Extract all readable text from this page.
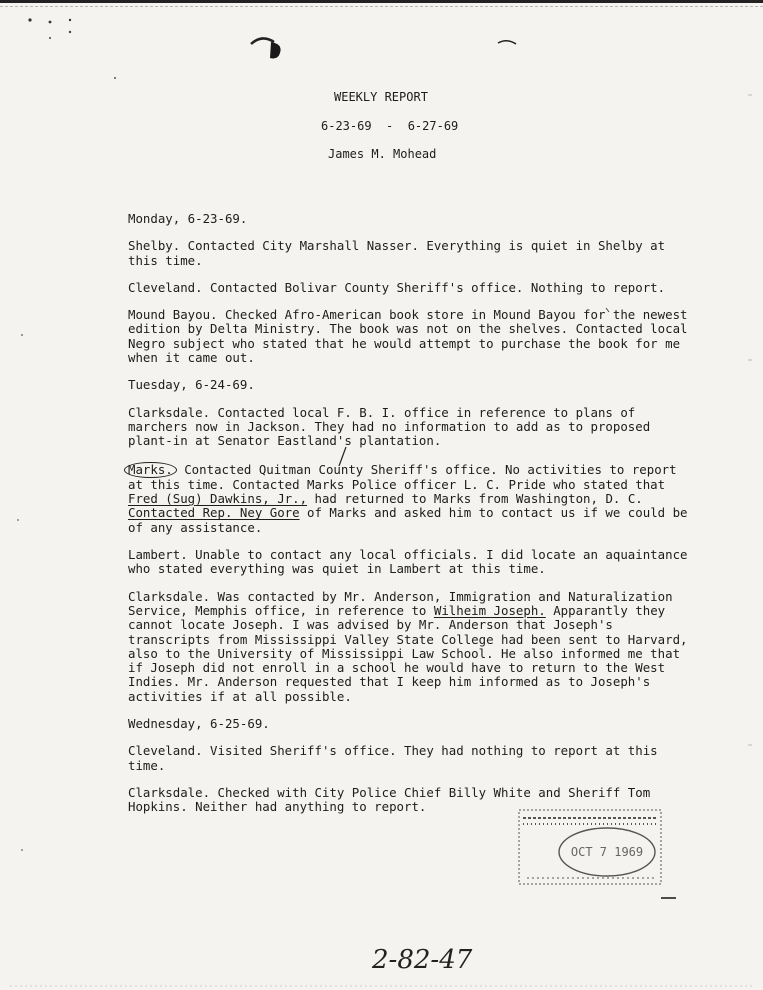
WEEKLY REPORT
6-23-69  -  6-27-69
James M. Mohead

Monday, 6-23-69.

Shelby. Contacted City Marshall Nasser. Everything is quiet in Shelby at this time.

Cleveland. Contacted Bolivar County Sheriff's office. Nothing to report.

Mound Bayou. Checked Afro-American book store in Mound Bayou for the newest edition by Delta Ministry. The book was not on the shelves. Contacted local Negro subject who stated that he would attempt to purchase the book for me when it came out.

Tuesday, 6-24-69.

Clarksdale. Contacted local F. B. I. office in reference to plans of marchers now in Jackson. They had no information to add as to proposed plant-in at Senator Eastland's plantation.

Marks. Contacted Quitman County Sheriff's office. No activities to report at this time. Contacted Marks Police officer L. C. Pride who stated that Fred (Sug) Dawkins, Jr., had returned to Marks from Washington, D. C. Contacted Rep. Ney Gore of Marks and asked him to contact us if we could be of any assistance.

Lambert. Unable to contact any local officials. I did locate an aquaintance who stated everything was quiet in Lambert at this time.

Clarksdale. Was contacted by Mr. Anderson, Immigration and Naturalization Service, Memphis office, in reference to Wilheim Joseph. Apparantly they cannot locate Joseph. I was advised by Mr. Anderson that Joseph's transcripts from Mississippi Valley State College had been sent to Harvard, also to the University of Mississippi Law School. He also informed me that if Joseph did not enroll in a school he would have to return to the West Indies. Mr. Anderson requested that I keep him informed as to Joseph's activities if at all possible.

Wednesday, 6-25-69.

Cleveland. Visited Sheriff's office. They had nothing to report at this time.

Clarksdale. Checked with City Police Chief Billy White and Sheriff Tom Hopkins. Neither had anything to report.

OCT 7 1969
2-82-47
